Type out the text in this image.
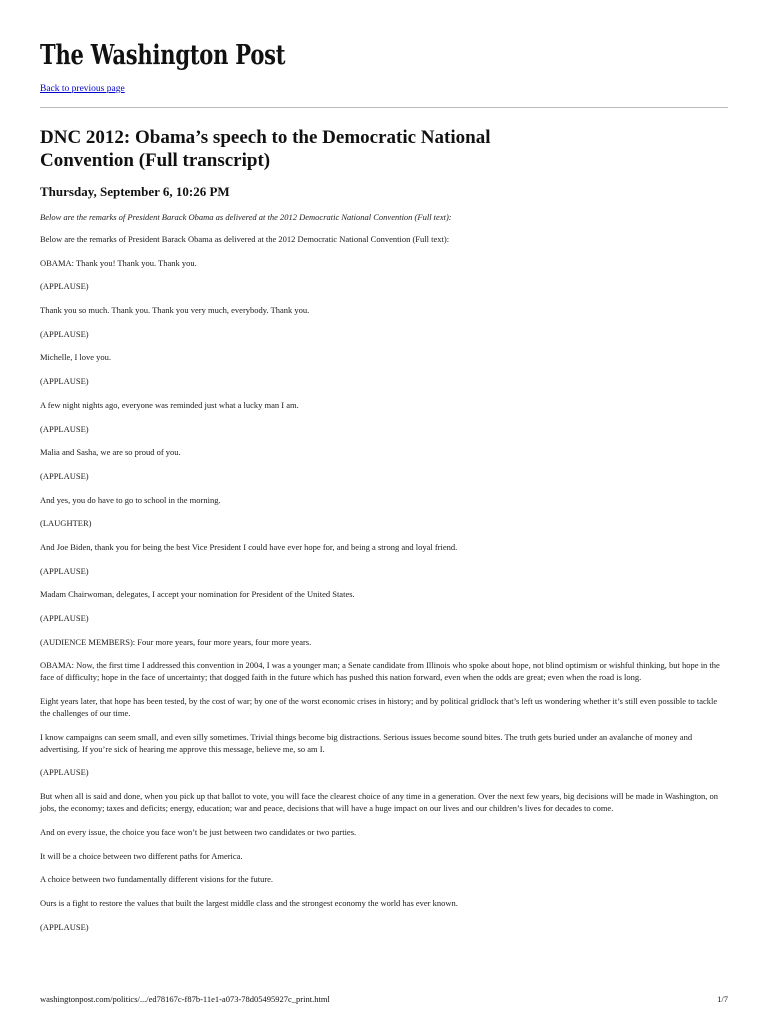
The Washington Post
Back to previous page
DNC 2012: Obama’s speech to the Democratic National Convention (Full transcript)
Thursday, September 6, 10:26 PM
Below are the remarks of President Barack Obama as delivered at the 2012 Democratic National Convention (Full text):

Below are the remarks of President Barack Obama as delivered at the 2012 Democratic National Convention (Full text):

OBAMA: Thank you! Thank you. Thank you.

(APPLAUSE)

Thank you so much. Thank you. Thank you very much, everybody. Thank you.

(APPLAUSE)

Michelle, I love you.

(APPLAUSE)

A few night nights ago, everyone was reminded just what a lucky man I am.

(APPLAUSE)

Malia and Sasha, we are so proud of you.

(APPLAUSE)

And yes, you do have to go to school in the morning.

(LAUGHTER)

And Joe Biden, thank you for being the best Vice President I could have ever hope for, and being a strong and loyal friend.

(APPLAUSE)

Madam Chairwoman, delegates, I accept your nomination for President of the United States.

(APPLAUSE)

(AUDIENCE MEMBERS): Four more years, four more years, four more years.

OBAMA: Now, the first time I addressed this convention in 2004, I was a younger man; a Senate candidate from Illinois who spoke about hope, not blind optimism or wishful thinking, but hope in the face of difficulty; hope in the face of uncertainty; that dogged faith in the future which has pushed this nation forward, even when the odds are great; even when the road is long.

Eight years later, that hope has been tested, by the cost of war; by one of the worst economic crises in history; and by political gridlock that’s left us wondering whether it’s still even possible to tackle the challenges of our time.

I know campaigns can seem small, and even silly sometimes. Trivial things become big distractions. Serious issues become sound bites. The truth gets buried under an avalanche of money and advertising. If you’re sick of hearing me approve this message, believe me, so am I.

(APPLAUSE)

But when all is said and done, when you pick up that ballot to vote, you will face the clearest choice of any time in a generation. Over the next few years, big decisions will be made in Washington, on jobs, the economy; taxes and deficits; energy, education; war and peace, decisions that will have a huge impact on our lives and our children’s lives for decades to come.

And on every issue, the choice you face won’t be just between two candidates or two parties.

It will be a choice between two different paths for America.

A choice between two fundamentally different visions for the future.

Ours is a fight to restore the values that built the largest middle class and the strongest economy the world has ever known.

(APPLAUSE)

washingtonpost.com/politics/.../ed78167c-f87b-11e1-a073-78d05495927c_print.html	1/7
